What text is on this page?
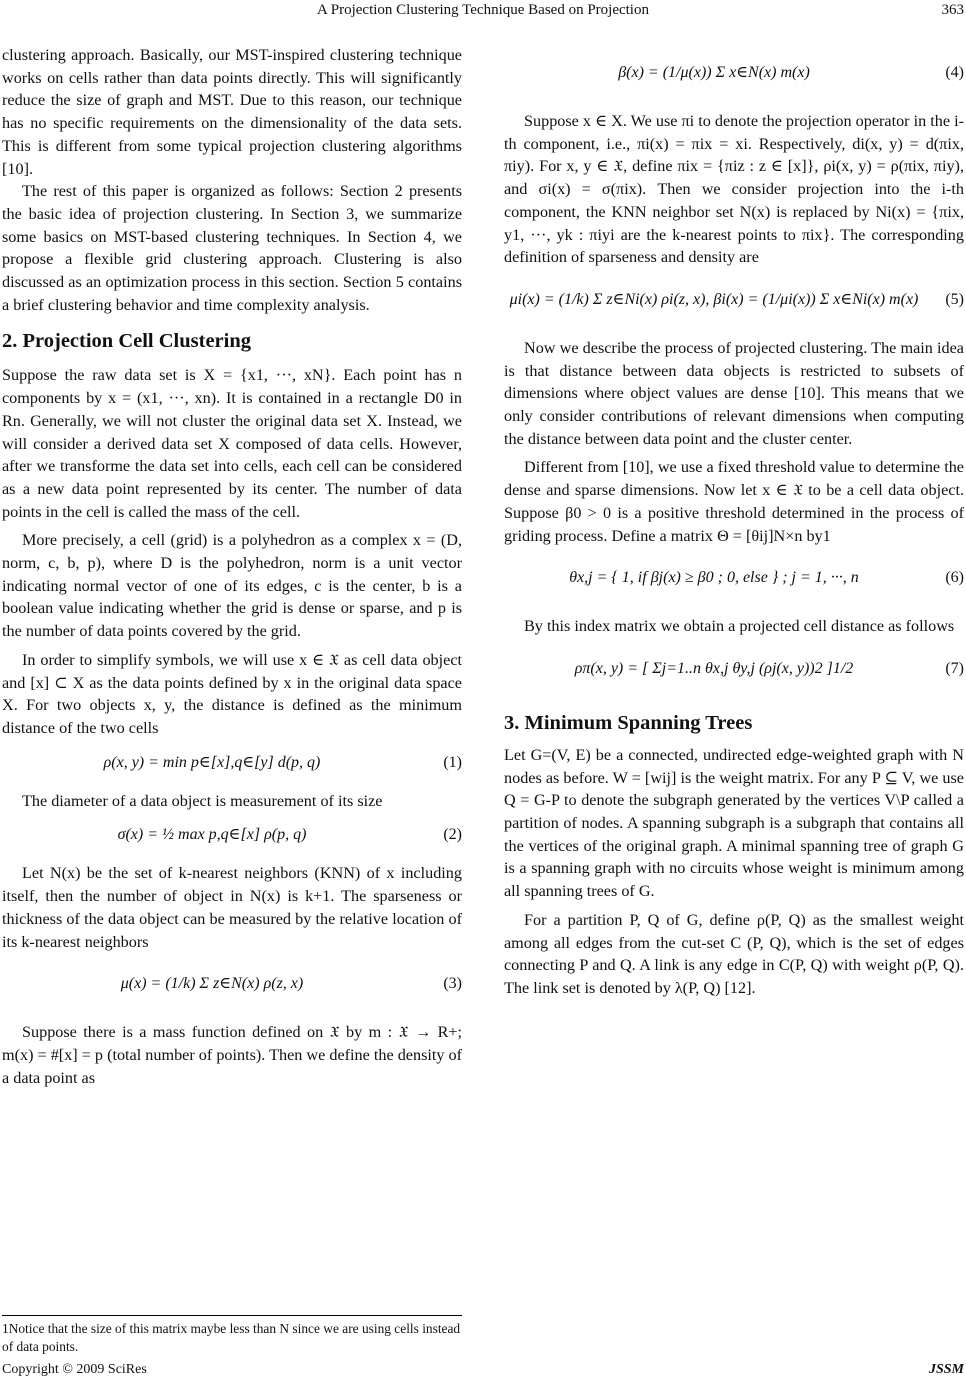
A Projection Clustering Technique Based on Projection	363

clustering approach. Basically, our MST-inspired clustering technique works on cells rather than data points directly. This will significantly reduce the size of graph and MST. Due to this reason, our technique has no specific requirements on the dimensionality of the data sets. This is different from some typical projection clustering algorithms [10].

The rest of this paper is organized as follows: Section 2 presents the basic idea of projection clustering. In Section 3, we summarize some basics on MST-based clustering techniques. In Section 4, we propose a flexible grid clustering approach. Clustering is also discussed as an optimization process in this section. Section 5 contains a brief clustering behavior and time complexity analysis.

2. Projection Cell Clustering

Suppose the raw data set is X = {x1, ···, xN}. Each point has n components by x = (x1, ···, xn). It is contained in a rectangle D0 in Rn. Generally, we will not cluster the original data set X. Instead, we will consider a derived data set X composed of data cells. However, after we transforme the data set into cells, each cell can be considered as a new data point represented by its center. The number of data points in the cell is called the mass of the cell.

More precisely, a cell (grid) is a polyhedron as a complex x = (D, norm, c, b, p), where D is the polyhedron, norm is a unit vector indicating normal vector of one of its edges, c is the center, b is a boolean value indicating whether the grid is dense or sparse, and p is the number of data points covered by the grid.

In order to simplify symbols, we will use x ∈ 𝔛 as cell data object and [x] ⊂ X as the data points defined by x in the original data space X. For two objects x, y, the distance is defined as the minimum distance of the two cells

ρ(x, y) = min p∈[x],q∈[y] d(p, q)	(1)

The diameter of a data object is measurement of its size

σ(x) = ½ max p,q∈[x] ρ(p, q)	(2)

Let N(x) be the set of k-nearest neighbors (KNN) of x including itself, then the number of object in N(x) is k+1. The sparseness or thickness of the data object can be measured by the relative location of its k-nearest neighbors

μ(x) = (1/k) Σ z∈N(x) ρ(z, x)	(3)

Suppose there is a mass function defined on 𝔛 by m : 𝔛 → R+; m(x) = #[x] = p (total number of points). Then we define the density of a data point as

1Notice that the size of this matrix maybe less than N since we are using cells instead of data points.
β(x) = (1/μ(x)) Σ x∈N(x) m(x)	(4)

Suppose x ∈ X. We use πi to denote the projection operator in the i-th component, i.e., πi(x) = πix = xi. Respectively, di(x, y) = d(πix, πiy). For x, y ∈ 𝔛, define πix = {πiz : z ∈ [x]}, ρi(x, y) = ρ(πix, πiy), and σi(x) = σ(πix). Then we consider projection into the i-th component, the KNN neighbor set N(x) is replaced by Ni(x) = {πix, y1, ···, yk : πiyi are the k-nearest points to πix}. The corresponding definition of sparseness and density are

μi(x) = (1/k) Σ z∈Ni(x) ρi(z, x), βi(x) = (1/μi(x)) Σ x∈Ni(x) m(x)	(5)

Now we describe the process of projected clustering. The main idea is that distance between data objects is restricted to subsets of dimensions where object values are dense [10]. This means that we only consider contributions of relevant dimensions when computing the distance between data point and the cluster center.

Different from [10], we use a fixed threshold value to determine the dense and sparse dimensions. Now let x ∈ 𝔛 to be a cell data object. Suppose β0 > 0 is a positive threshold determined in the process of griding process. Define a matrix Θ = [θij]N×n by1

θx,j = { 1, if βj(x) ≥ β0 ; 0, else } ; j = 1, ···, n	(6)

By this index matrix we obtain a projected cell distance as follows

ρπ(x, y) = [ Σj=1..n θx,j θy,j (ρj(x, y))2 ]1/2	(7)
3. Minimum Spanning Trees

Let G=(V, E) be a connected, undirected edge-weighted graph with N nodes as before. W = [wij] is the weight matrix. For any P ⊆ V, we use Q = G-P to denote the subgraph generated by the vertices V\P called a partition of nodes. A spanning subgraph is a subgraph that contains all the vertices of the original graph. A minimal spanning tree of graph G is a spanning graph with no circuits whose weight is minimum among all spanning trees of G.

For a partition P, Q of G, define ρ(P, Q) as the smallest weight among all edges from the cut-set C (P, Q), which is the set of edges connecting P and Q. A link is any edge in C(P, Q) with weight ρ(P, Q). The link set is denoted by λ(P, Q) [12].

Copyright © 2009 SciRes	JSSM
